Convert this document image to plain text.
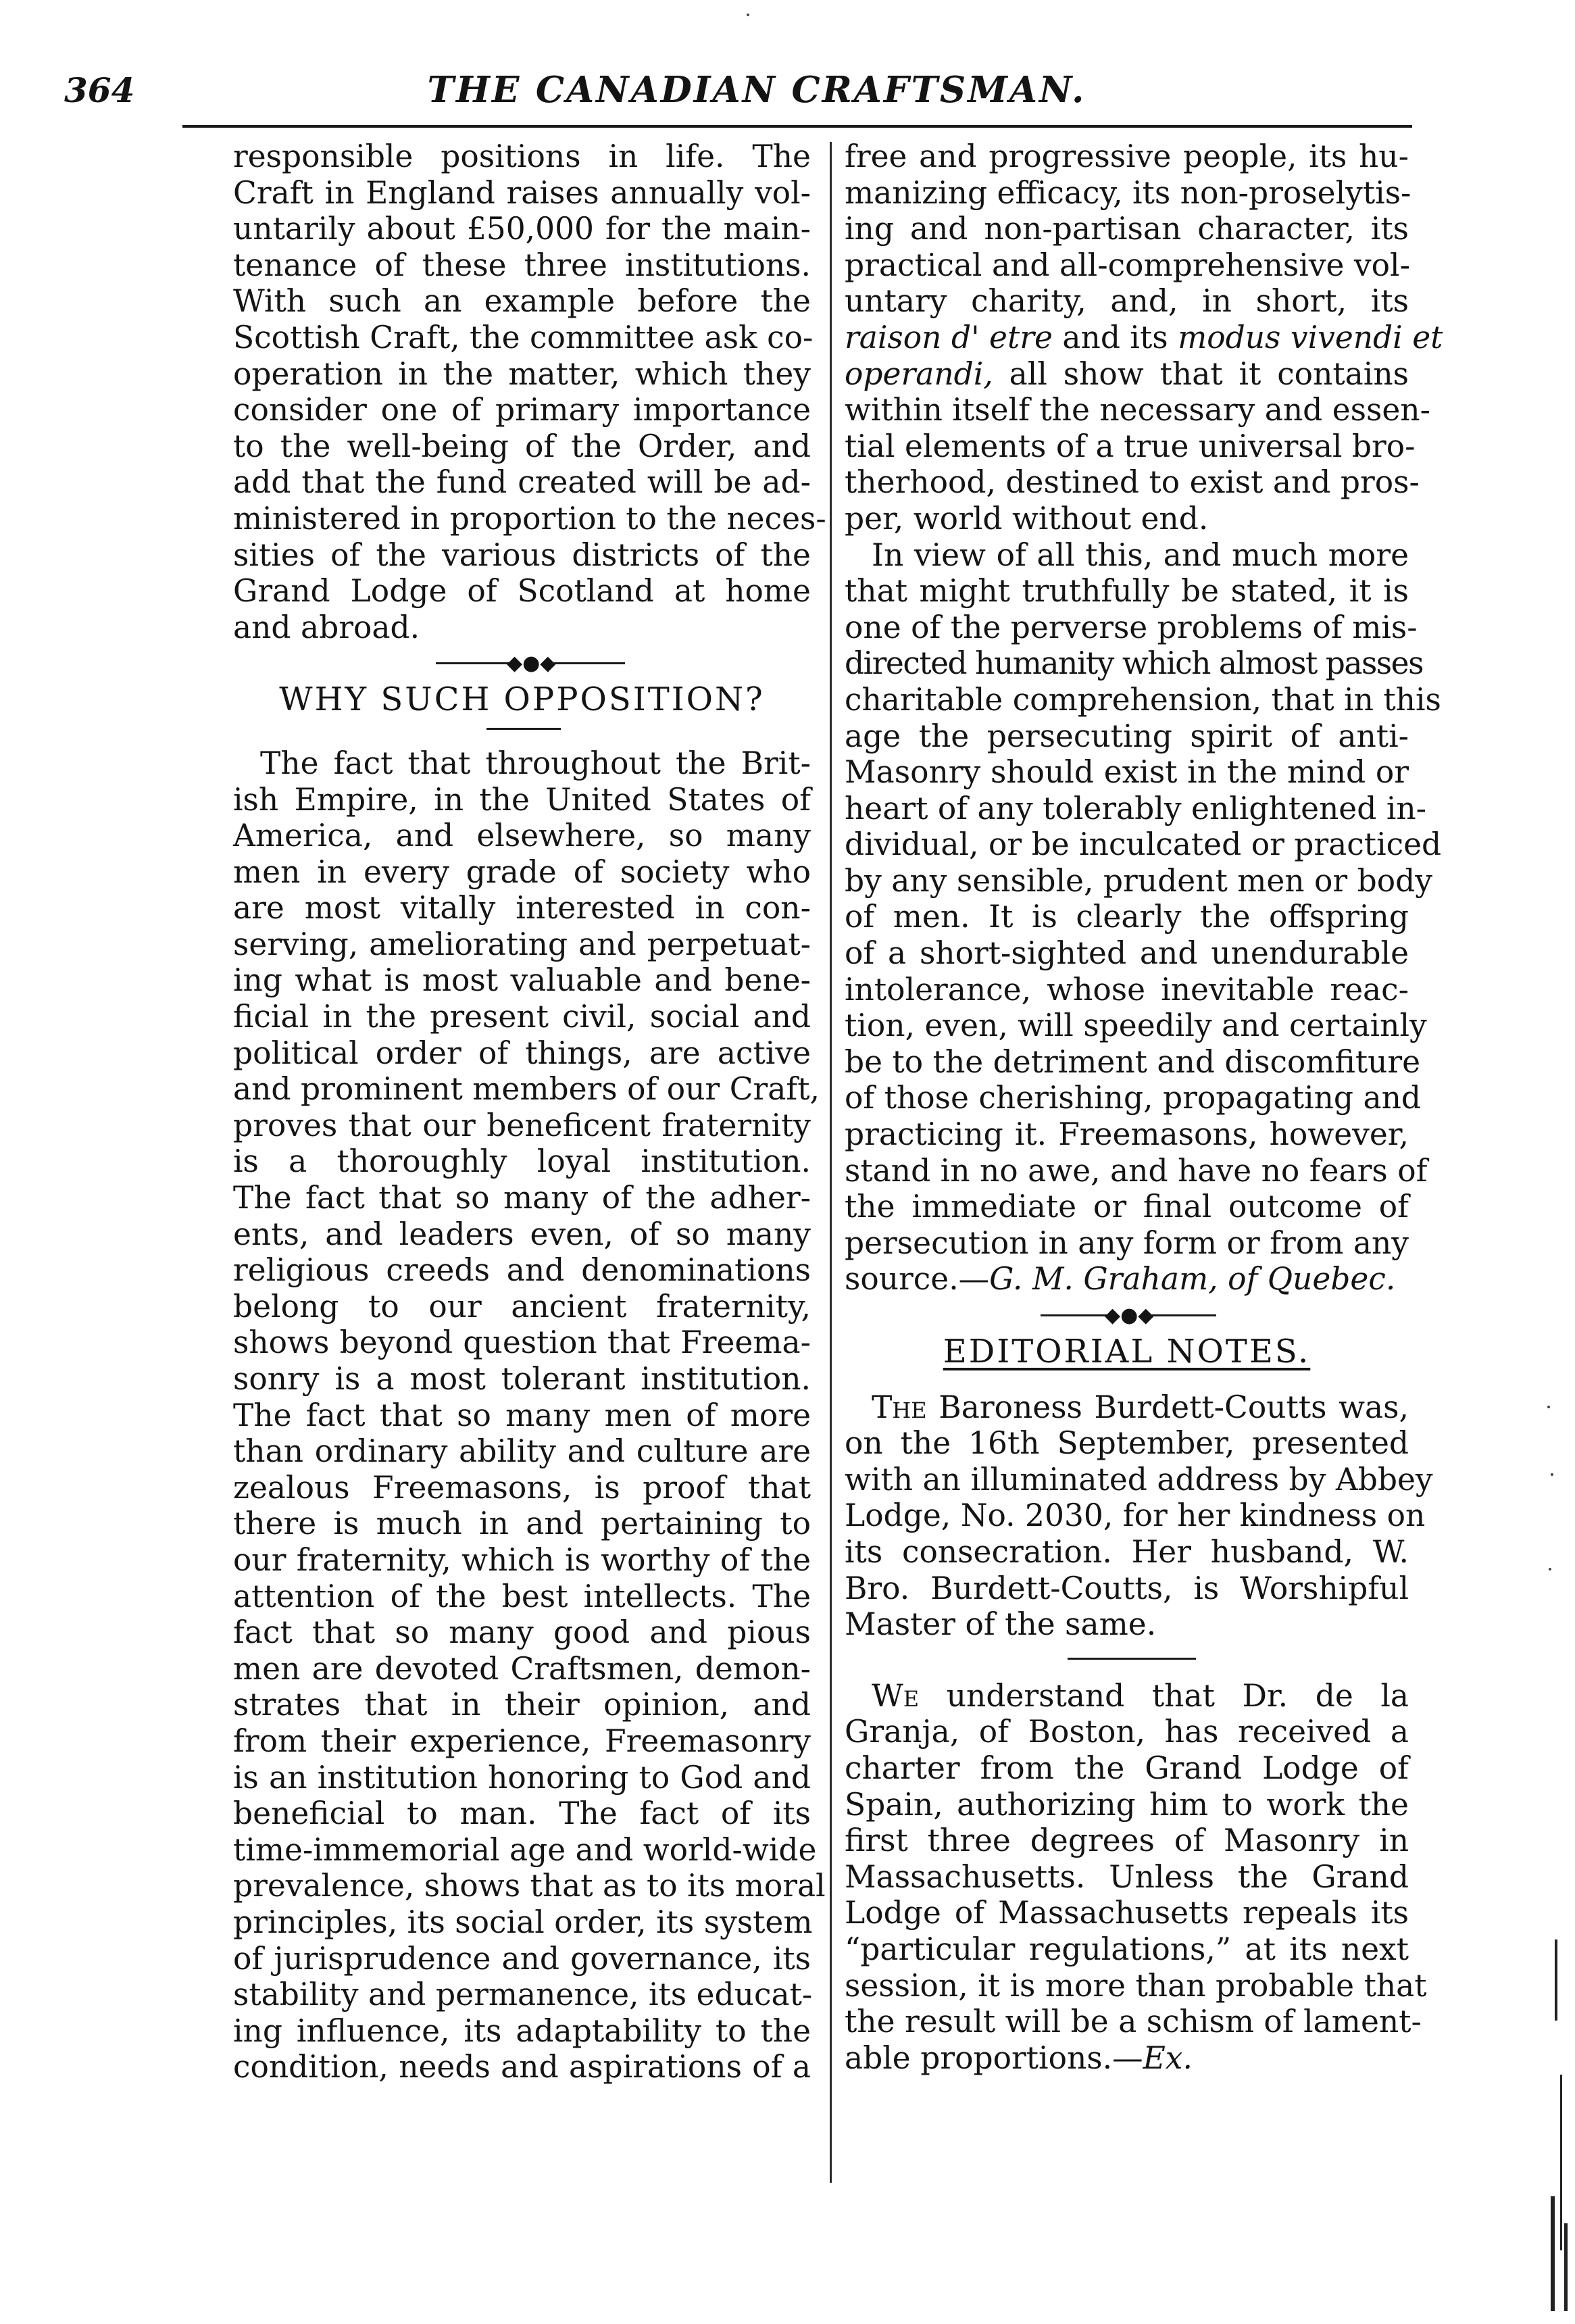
364	THE CANADIAN CRAFTSMAN.

responsible positions in life. The
Craft in England raises annually vol-
untarily about £50,000 for the main-
tenance of these three institutions.
With such an example before the
Scottish Craft, the committee ask co-
operation in the matter, which they
consider one of primary importance
to the well-being of the Order, and
add that the fund created will be ad-
ministered in proportion to the neces-
sities of the various districts of the
Grand Lodge of Scotland at home
and abroad.

◆●◆
WHY SUCH OPPOSITION?

The fact that throughout the Brit-
ish Empire, in the United States of
America, and elsewhere, so many
men in every grade of society who
are most vitally interested in con-
serving, ameliorating and perpetuat-
ing what is most valuable and bene-
ficial in the present civil, social and
political order of things, are active
and prominent members of our Craft,
proves that our beneficent fraternity
is a thoroughly loyal institution.
The fact that so many of the adher-
ents, and leaders even, of so many
religious creeds and denominations
belong to our ancient fraternity,
shows beyond question that Freema-
sonry is a most tolerant institution.
The fact that so many men of more
than ordinary ability and culture are
zealous Freemasons, is proof that
there is much in and pertaining to
our fraternity, which is worthy of the
attention of the best intellects. The
fact that so many good and pious
men are devoted Craftsmen, demon-
strates that in their opinion, and
from their experience, Freemasonry
is an institution honoring to God and
beneficial to man. The fact of its
time-immemorial age and world-wide
prevalence, shows that as to its moral
principles, its social order, its system
of jurisprudence and governance, its
stability and permanence, its educat-
ing influence, its adaptability to the
condition, needs and aspirations of a

free and progressive people, its hu-
manizing efficacy, its non-proselytis-
ing and non-partisan character, its
practical and all-comprehensive vol-
untary charity, and, in short, its
raison d' etre and its modus vivendi et
operandi, all show that it contains
within itself the necessary and essen-
tial elements of a true universal bro-
therhood, destined to exist and pros-
per, world without end.

In view of all this, and much more
that might truthfully be stated, it is
one of the perverse problems of mis-
directed humanity which almost passes
charitable comprehension, that in this
age the persecuting spirit of anti-
Masonry should exist in the mind or
heart of any tolerably enlightened in-
dividual, or be inculcated or practiced
by any sensible, prudent men or body
of men. It is clearly the offspring
of a short-sighted and unendurable
intolerance, whose inevitable reac-
tion, even, will speedily and certainly
be to the detriment and discomfiture
of those cherishing, propagating and
practicing it. Freemasons, however,
stand in no awe, and have no fears of
the immediate or final outcome of
persecution in any form or from any
source.—G. M. Graham, of Quebec.

◆●◆
EDITORIAL NOTES.

The Baroness Burdett-Coutts was,
on the 16th September, presented
with an illuminated address by Abbey
Lodge, No. 2030, for her kindness on
its consecration. Her husband, W.
Bro. Burdett-Coutts, is Worshipful
Master of the same.

We understand that Dr. de la
Granja, of Boston, has received a
charter from the Grand Lodge of
Spain, authorizing him to work the
first three degrees of Masonry in
Massachusetts. Unless the Grand
Lodge of Massachusetts repeals its
“particular regulations,” at its next
session, it is more than probable that
the result will be a schism of lament-
able proportions.—Ex.
